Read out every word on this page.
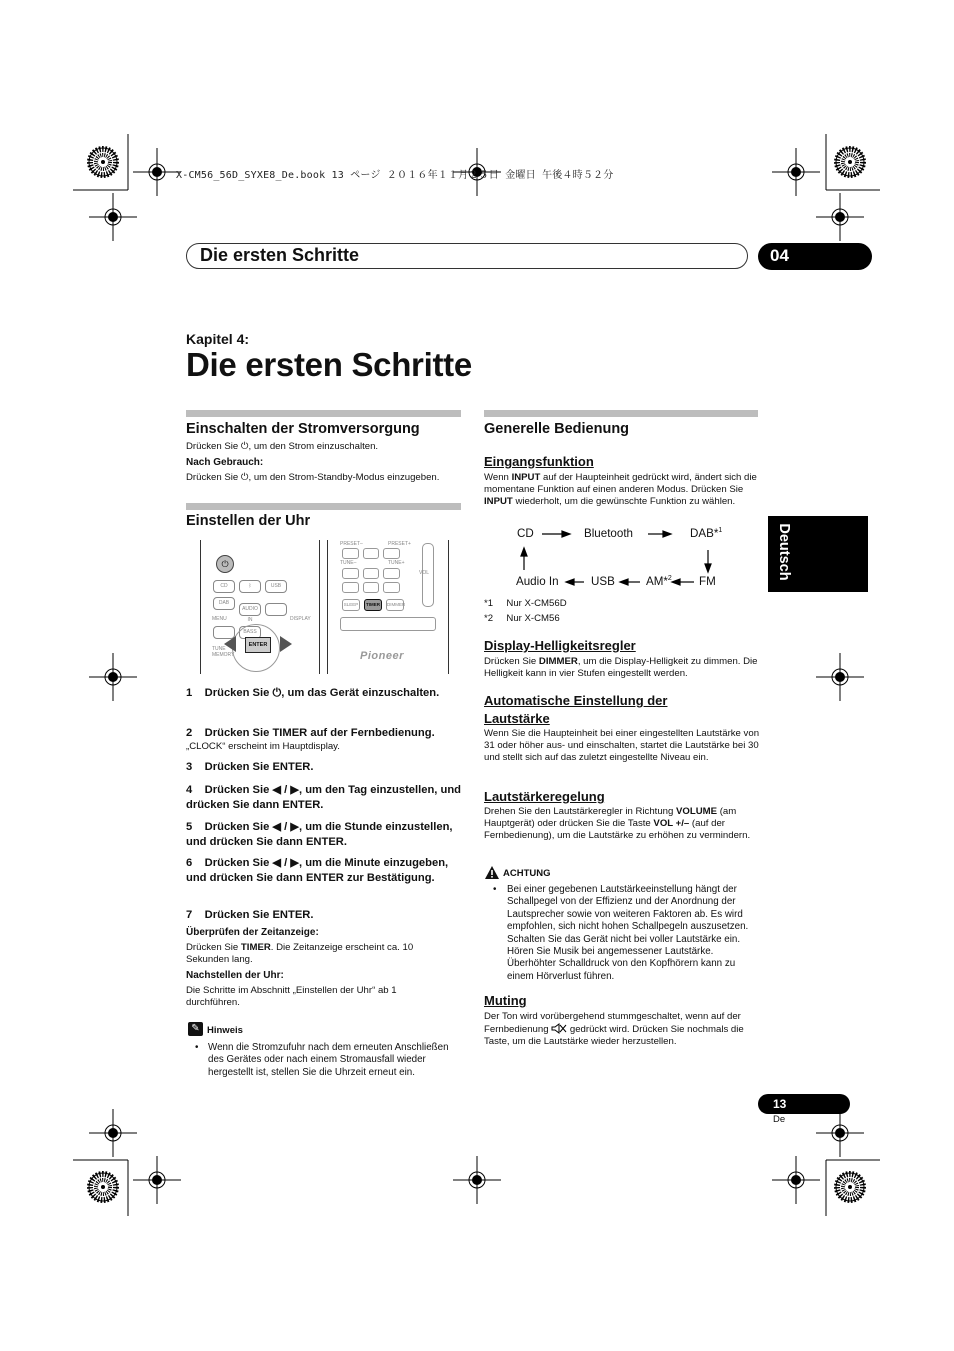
X-CM56_56D_SYXE8_De.book 13 ページ ２０１６年１１月２５日 金曜日 午後４時５２分
Die ersten Schritte	04
Kapitel 4:
Die ersten Schritte
Deutsch
Einschalten der Stromversorgung
Drücken Sie ⏻, um den Strom einzuschalten.
Nach Gebrauch:
Drücken Sie ⏻, um den Strom-Standby-Modus einzugeben.
Einstellen der Uhr
⏻
CD	ᛒ	USB
DAB
AUDIO IN
BASS
MENU	DISPLAY
TUNE MEMORY
ENTER
PRESET–	PRESET+
TUNE–	TUNE+
SLEEP	TIMER	DIMMER
VOL
Pioneer
1 Drücken Sie ⏻, um das Gerät einzuschalten.
2 Drücken Sie TIMER auf der Fernbedienung.
„CLOCK“ erscheint im Hauptdisplay.
3 Drücken Sie ENTER.
4 Drücken Sie ◀ / ▶, um den Tag einzustellen, und drücken Sie dann ENTER.
5 Drücken Sie ◀ / ▶, um die Stunde einzustellen, und drücken Sie dann ENTER.
6 Drücken Sie ◀ / ▶, um die Minute einzugeben, und drücken Sie dann ENTER zur Bestätigung.
7 Drücken Sie ENTER.
Überprüfen der Zeitanzeige:
Drücken Sie TIMER. Die Zeitanzeige erscheint ca. 10 Sekunden lang.
Nachstellen der Uhr:
Die Schritte im Abschnitt „Einstellen der Uhr“ ab 1 durchführen.
✎ Hinweis
• Wenn die Stromzufuhr nach dem erneuten Anschließen des Gerätes oder nach einem Stromausfall wieder hergestellt ist, stellen Sie die Uhrzeit erneut ein.
Generelle Bedienung
Eingangsfunktion
Wenn INPUT auf der Haupteinheit gedrückt wird, ändert sich die momentane Funktion auf einen anderen Modus. Drücken Sie INPUT wiederholt, um die gewünschte Funktion zu wählen.
CD	Bluetooth	DAB*$^1$
FM
AM*$^2$
USB
Audio In
*1 Nur X-CM56D
*2 Nur X-CM56
Display-Helligkeitsregler
Drücken Sie DIMMER, um die Display-Helligkeit zu dimmen. Die Helligkeit kann in vier Stufen eingestellt werden.
Automatische Einstellung der
Lautstärke
Wenn Sie die Haupteinheit bei einer eingestellten Lautstärke von 31 oder höher aus- und einschalten, startet die Lautstärke bei 30 und stellt sich auf das zuletzt eingestellte Niveau ein.
Lautstärkeregelung
Drehen Sie den Lautstärkeregler in Richtung VOLUME (am Hauptgerät) oder drücken Sie die Taste VOL +/– (auf der Fernbedienung), um die Lautstärke zu erhöhen zu vermindern.
ACHTUNG
• Bei einer gegebenen Lautstärkeeinstellung hängt der Schallpegel von der Effizienz und der Anordnung der Lautsprecher sowie von weiteren Faktoren ab. Es wird empfohlen, sich nicht hohen Schallpegeln auszusetzen. Schalten Sie das Gerät nicht bei voller Lautstärke ein. Hören Sie Musik bei angemessener Lautstärke. Überhöhter Schalldruck von den Kopfhörern kann zu einem Hörverlust führen.
Muting
Der Ton wird vorübergehend stummgeschaltet, wenn auf der Fernbedienung  gedrückt wird. Drücken Sie nochmals die Taste, um die Lautstärke wieder herzustellen.
13
De
